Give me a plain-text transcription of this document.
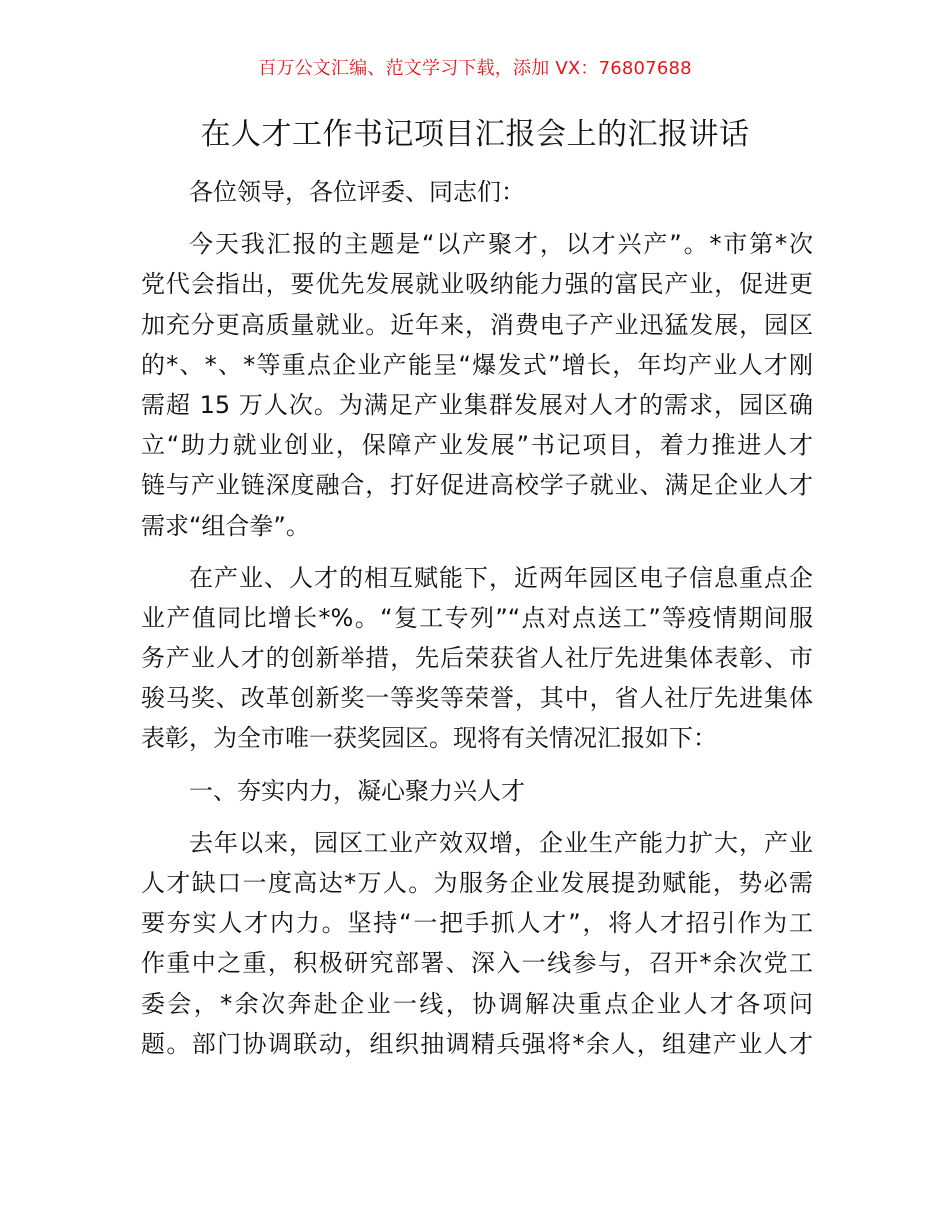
百万公文汇编、范文学习下载，添加 VX：76807688
在人才工作书记项目汇报会上的汇报讲话
各位领导，各位评委、同志们：
今天我汇报的主题是“以产聚才，以才兴产”。*市第*次
党代会指出，要优先发展就业吸纳能力强的富民产业，促进更
加充分更高质量就业。近年来，消费电子产业迅猛发展，园区
的*、*、*等重点企业产能呈“爆发式”增长，年均产业人才刚
需超 15 万人次。为满足产业集群发展对人才的需求，园区确
立“助力就业创业，保障产业发展”书记项目，着力推进人才
链与产业链深度融合，打好促进高校学子就业、满足企业人才
需求“组合拳”。
在产业、人才的相互赋能下，近两年园区电子信息重点企
业产值同比增长*%。“复工专列”“点对点送工”等疫情期间服
务产业人才的创新举措，先后荣获省人社厅先进集体表彰、市
骏马奖、改革创新奖一等奖等荣誉，其中，省人社厅先进集体
表彰，为全市唯一获奖园区。现将有关情况汇报如下：
一、夯实内力，凝心聚力兴人才
去年以来，园区工业产效双增，企业生产能力扩大，产业
人才缺口一度高达*万人。为服务企业发展提劲赋能，势必需
要夯实人才内力。坚持“一把手抓人才”，将人才招引作为工
作重中之重，积极研究部署、深入一线参与，召开*余次党工
委会，*余次奔赴企业一线，协调解决重点企业人才各项问
题。部门协调联动，组织抽调精兵强将*余人，组建产业人才
